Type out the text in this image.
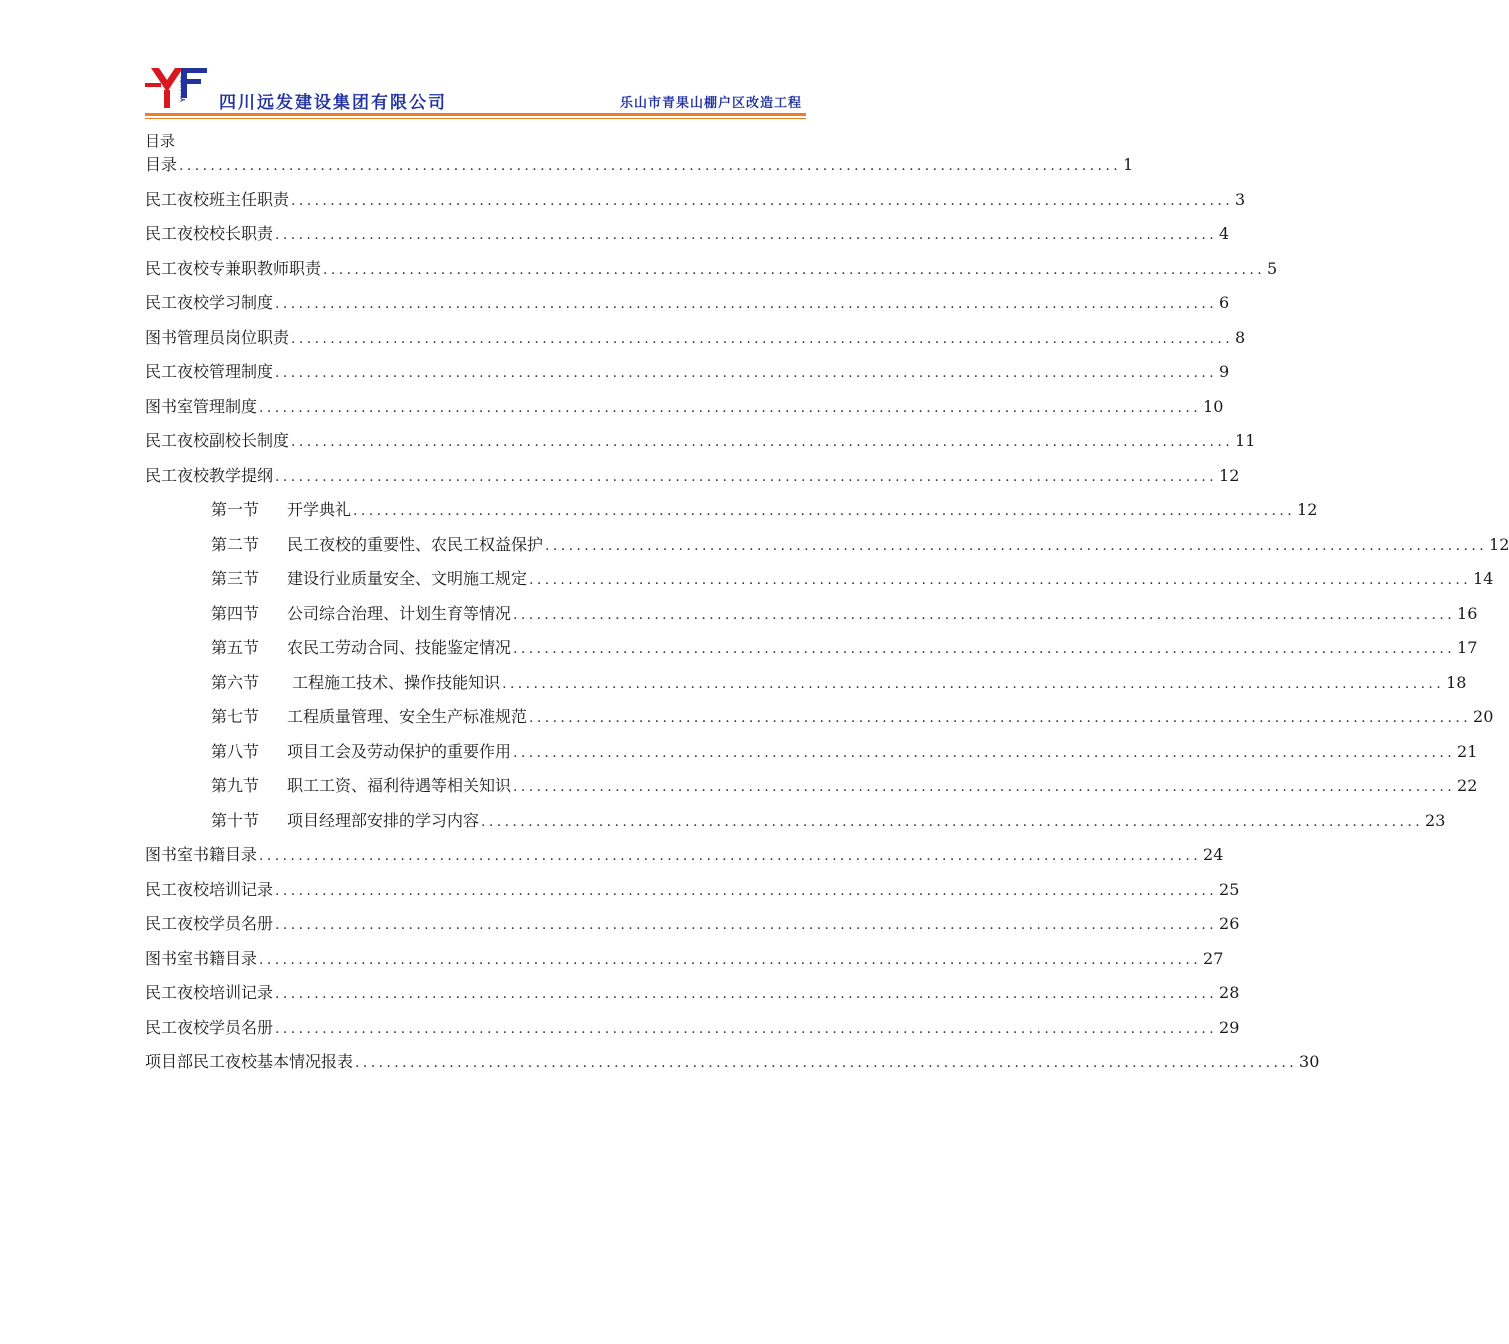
YUANFA
四川远发建设集团有限公司	乐山市青果山棚户区改造工程
目录
目录 ........................................................................................................................ 1
民工夜校班主任职责 ........................................................................................................................ 3
民工夜校校长职责 ........................................................................................................................ 4
民工夜校专兼职教师职责 ........................................................................................................................ 5
民工夜校学习制度 ........................................................................................................................ 6
图书管理员岗位职责 ........................................................................................................................ 8
民工夜校管理制度 ........................................................................................................................ 9
图书室管理制度 ........................................................................................................................ 10
民工夜校副校长制度 ........................................................................................................................ 11
民工夜校教学提纲 ........................................................................................................................ 12
第一节	开学典礼 ........................................................................................................................ 12
第二节	民工夜校的重要性、农民工权益保护 ........................................................................................................................ 12
第三节	建设行业质量安全、文明施工规定 ........................................................................................................................ 14
第四节	公司综合治理、计划生育等情况 ........................................................................................................................ 16
第五节	农民工劳动合同、技能鉴定情况 ........................................................................................................................ 17
第六节	工程施工技术、操作技能知识 ........................................................................................................................ 18
第七节	工程质量管理、安全生产标准规范 ........................................................................................................................ 20
第八节	项目工会及劳动保护的重要作用 ........................................................................................................................ 21
第九节	职工工资、福利待遇等相关知识 ........................................................................................................................ 22
第十节	项目经理部安排的学习内容 ........................................................................................................................ 23
图书室书籍目录 ........................................................................................................................ 24
民工夜校培训记录 ........................................................................................................................ 25
民工夜校学员名册 ........................................................................................................................ 26
图书室书籍目录 ........................................................................................................................ 27
民工夜校培训记录 ........................................................................................................................ 28
民工夜校学员名册 ........................................................................................................................ 29
项目部民工夜校基本情况报表 ........................................................................................................................ 30
